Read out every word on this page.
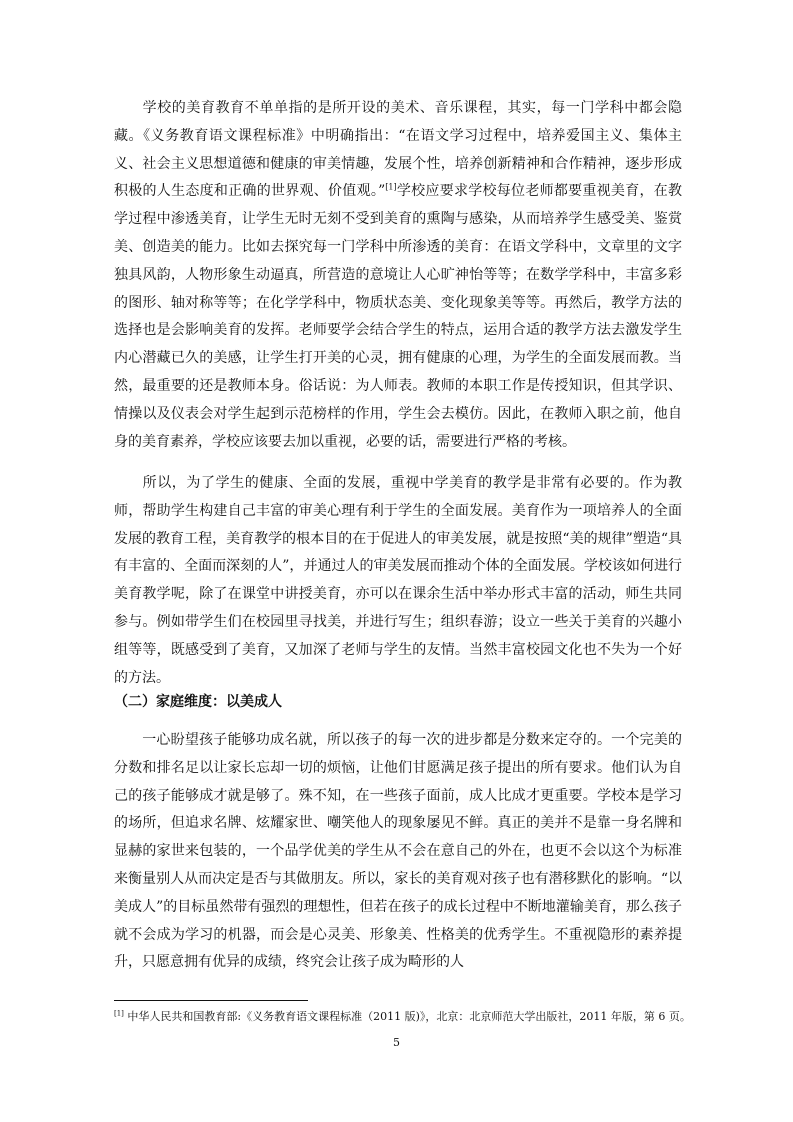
学校的美育教育不单单指的是所开设的美术、音乐课程，其实，每一门学科中都会隐藏。《义务教育语文课程标准》中明确指出：“在语文学习过程中，培养爱国主义、集体主义、社会主义思想道德和健康的审美情趣，发展个性，培养创新精神和合作精神，逐步形成积极的人生态度和正确的世界观、价值观。”[1]学校应要求学校每位老师都要重视美育，在教学过程中渗透美育，让学生无时无刻不受到美育的熏陶与感染，从而培养学生感受美、鉴赏美、创造美的能力。比如去探究每一门学科中所渗透的美育：在语文学科中，文章里的文字独具风韵，人物形象生动逼真，所营造的意境让人心旷神怡等等；在数学学科中，丰富多彩的图形、轴对称等等；在化学学科中，物质状态美、变化现象美等等。再然后，教学方法的选择也是会影响美育的发挥。老师要学会结合学生的特点，运用合适的教学方法去激发学生内心潜藏已久的美感，让学生打开美的心灵，拥有健康的心理，为学生的全面发展而教。当然，最重要的还是教师本身。俗话说：为人师表。教师的本职工作是传授知识，但其学识、情操以及仪表会对学生起到示范榜样的作用，学生会去模仿。因此，在教师入职之前，他自身的美育素养，学校应该要去加以重视，必要的话，需要进行严格的考核。

所以，为了学生的健康、全面的发展，重视中学美育的教学是非常有必要的。作为教师，帮助学生构建自己丰富的审美心理有利于学生的全面发展。美育作为一项培养人的全面发展的教育工程，美育教学的根本目的在于促进人的审美发展，就是按照“美的规律”塑造“具有丰富的、全面而深刻的人”，并通过人的审美发展而推动个体的全面发展。学校该如何进行美育教学呢，除了在课堂中讲授美育，亦可以在课余生活中举办形式丰富的活动，师生共同参与。例如带学生们在校园里寻找美，并进行写生；组织春游；设立一些关于美育的兴趣小组等等，既感受到了美育，又加深了老师与学生的友情。当然丰富校园文化也不失为一个好的方法。

（二）家庭维度：以美成人

一心盼望孩子能够功成名就，所以孩子的每一次的进步都是分数来定夺的。一个完美的分数和排名足以让家长忘却一切的烦恼，让他们甘愿满足孩子提出的所有要求。他们认为自己的孩子能够成才就是够了。殊不知，在一些孩子面前，成人比成才更重要。学校本是学习的场所，但追求名牌、炫耀家世、嘲笑他人的现象屡见不鲜。真正的美并不是靠一身名牌和显赫的家世来包装的，一个品学优美的学生从不会在意自己的外在，也更不会以这个为标准来衡量别人从而决定是否与其做朋友。所以，家长的美育观对孩子也有潜移默化的影响。“以美成人”的目标虽然带有强烈的理想性，但若在孩子的成长过程中不断地灌输美育，那么孩子就不会成为学习的机器，而会是心灵美、形象美、性格美的优秀学生。不重视隐形的素养提升，只愿意拥有优异的成绩，终究会让孩子成为畸形的人

[1] 中华人民共和国教育部:《义务教育语文课程标准（2011 版)》，北京：北京师范大学出版社，2011 年版，第 6 页。

5
